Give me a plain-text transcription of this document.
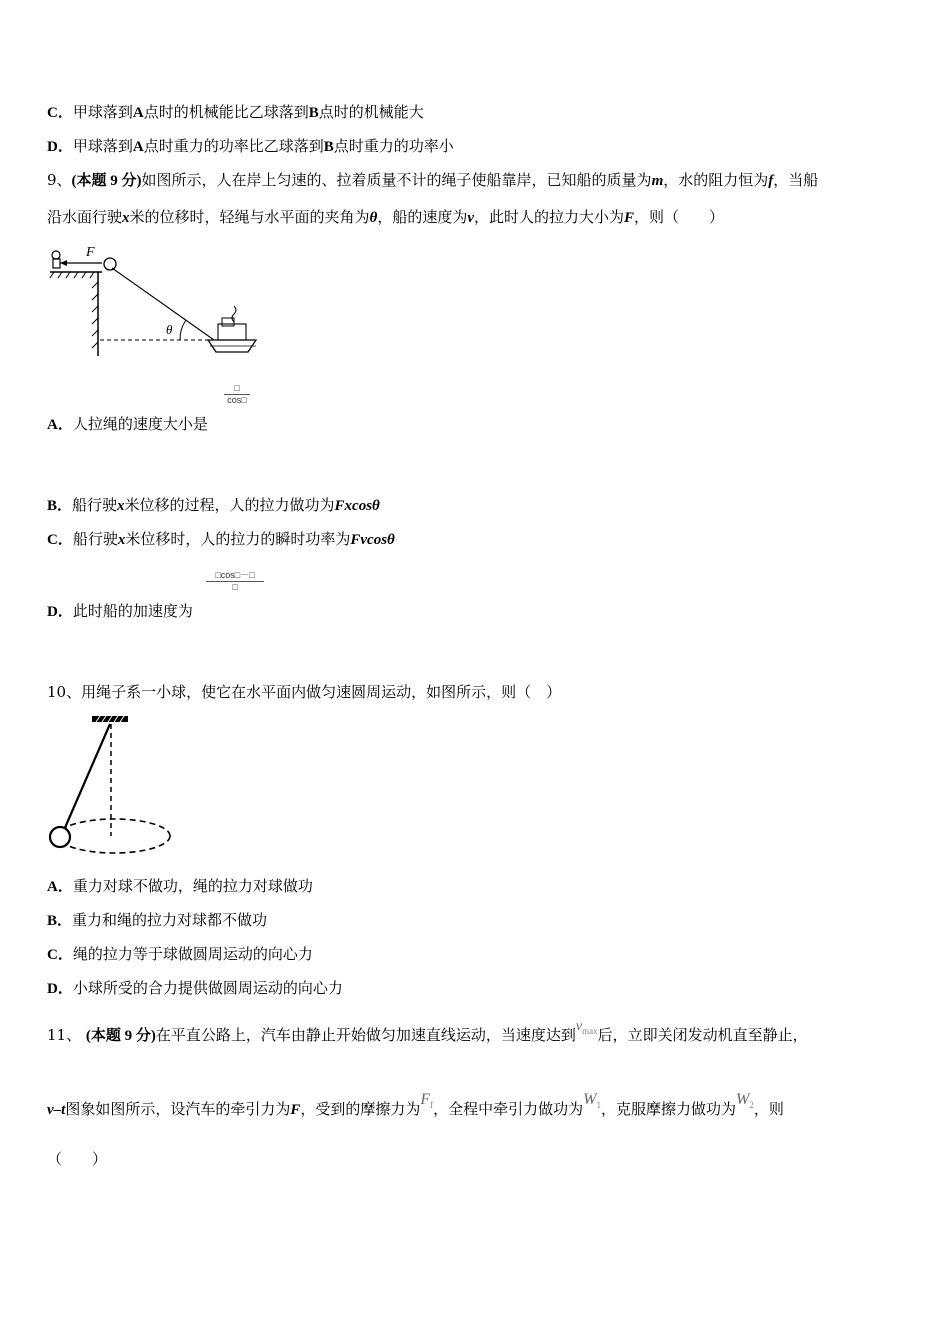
C．甲球落到A点时的机械能比乙球落到B点时的机械能大
D．甲球落到A点时重力的功率比乙球落到B点时重力的功率小
9、(本题 9 分)如图所示，人在岸上匀速的、拉着质量不计的绳子使船靠岸，已知船的质量为m，水的阻力恒为f，当船
沿水面行驶x米的位移时，轻绳与水平面的夹角为θ，船的速度为v，此时人的拉力大小为F，则（　　）
F
θ
□
cos□
A．人拉绳的速度大小是
B．船行驶x米位移的过程，人的拉力做功为Fxcosθ
C．船行驶x米位移时，人的拉力的瞬时功率为Fvcosθ
□cos□－□
□
D．此时船的加速度为
10、用绳子系一小球，使它在水平面内做匀速圆周运动，如图所示，则（　）
A．重力对球不做功，绳的拉力对球做功
B．重力和绳的拉力对球都不做功
C．绳的拉力等于球做圆周运动的向心力
D．小球所受的合力提供做圆周运动的向心力
11、 (本题 9 分)在平直公路上，汽车由静止开始做匀加速直线运动，当速度达到$v_{max}$后，立即关闭发动机直至静止，
v–t图象如图所示，设汽车的牵引力为F，受到的摩擦力为$F_f$，全程中牵引力做功为$W_1$，克服摩擦力做功为$W_2$，则
（　　）
